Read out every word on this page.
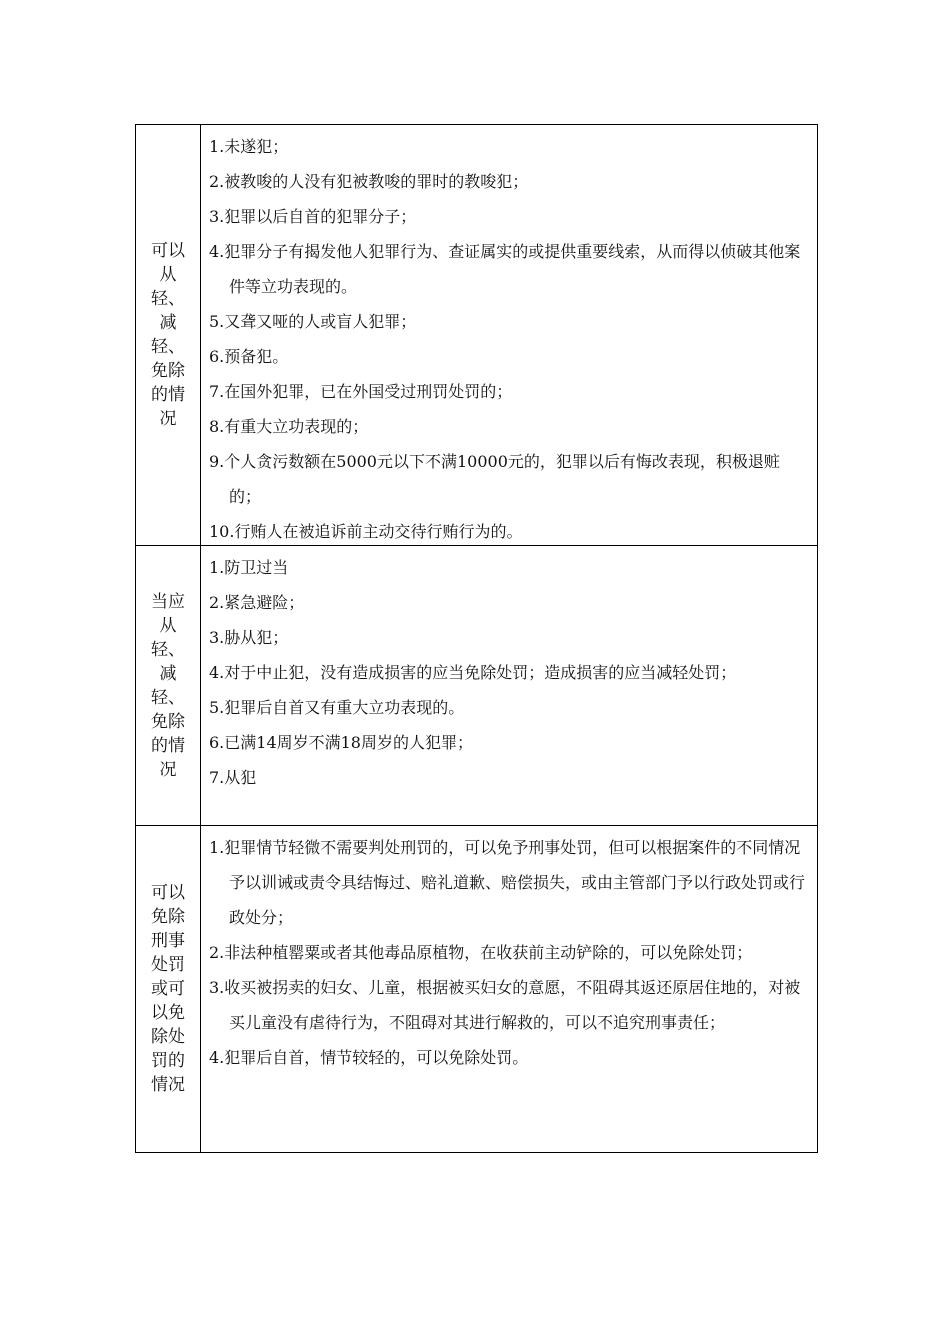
可以从轻、减轻、免除的情况

1.未遂犯；

2.被教唆的人没有犯被教唆的罪时的教唆犯；

3.犯罪以后自首的犯罪分子；

4.犯罪分子有揭发他人犯罪行为、查证属实的或提供重要线索，从而得以侦破其他案件等立功表现的。

5.又聋又哑的人或盲人犯罪；

6.预备犯。

7.在国外犯罪，已在外国受过刑罚处罚的；

8.有重大立功表现的；

9.个人贪污数额在5000元以下不满10000元的，犯罪以后有悔改表现，积极退赃的；

10.行贿人在被追诉前主动交待行贿行为的。

当应从轻、减轻、免除的情况

1.防卫过当

2.紧急避险；

3.胁从犯；

4.对于中止犯，没有造成损害的应当免除处罚；造成损害的应当减轻处罚；

5.犯罪后自首又有重大立功表现的。

6.已满14周岁不满18周岁的人犯罪；

7.从犯

可以免除刑事处罚或可以免除处罚的情况

1.犯罪情节轻微不需要判处刑罚的，可以免予刑事处罚，但可以根据案件的不同情况　予以训诫或责令具结悔过、赔礼道歉、赔偿损失，或由主管部门予以行政处罚或行政处分；

2.非法种植罂粟或者其他毒品原植物，在收获前主动铲除的，可以免除处罚；

3.收买被拐卖的妇女、儿童，根据被买妇女的意愿，不阻碍其返还原居住地的，对被买儿童没有虐待行为，不阻碍对其进行解救的，可以不追究刑事责任；

4.犯罪后自首，情节较轻的，可以免除处罚。
